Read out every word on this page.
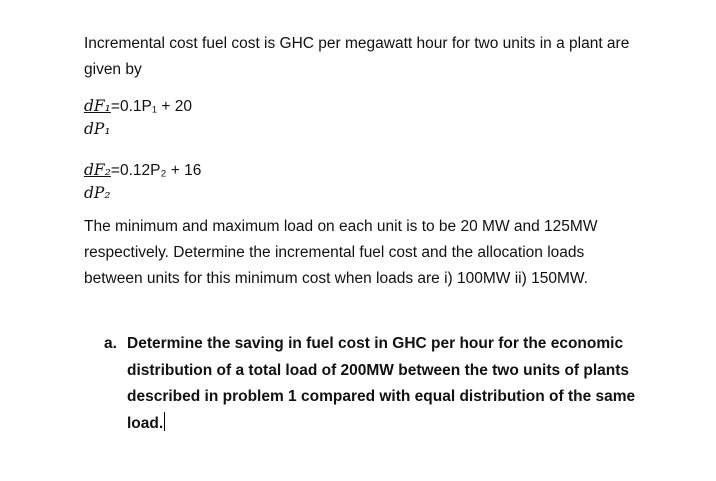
Incremental cost fuel cost is GHC per megawatt hour for two units in a plant are given by

dF₁=0.1P₁ + 20
dP₁
dF₂=0.12P₂ + 16
dP₂

The minimum and maximum load on each unit is to be 20 MW and 125MW respectively. Determine the incremental fuel cost and the allocation loads between units for this minimum cost when loads are i) 100MW ii) 150MW.

a. Determine the saving in fuel cost in GHC per hour for the economic distribution of a total load of 200MW between the two units of plants described in problem 1 compared with equal distribution of the same load.
